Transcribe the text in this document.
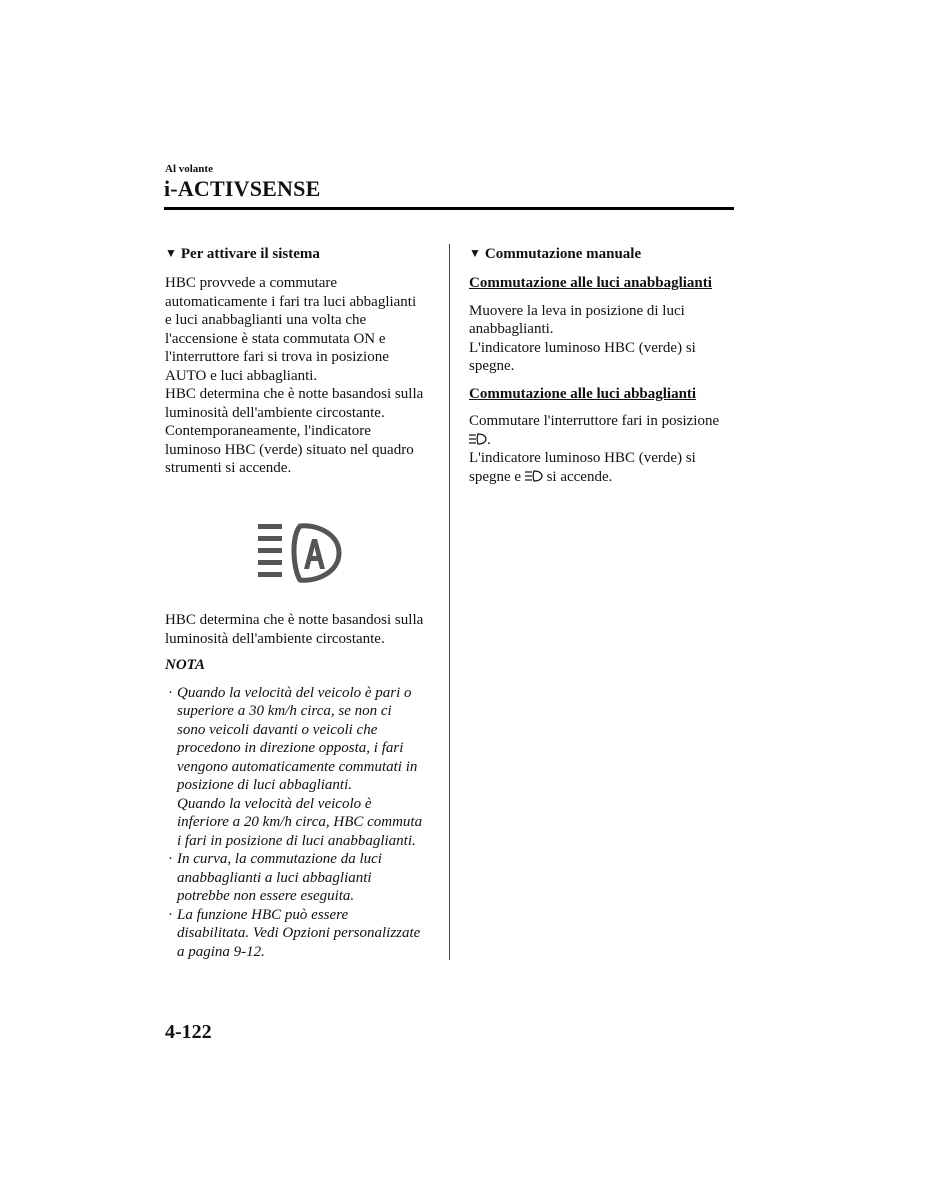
Al volante
i-ACTIVSENSE
▼ Per attivare il sistema

HBC provvede a commutare
automaticamente i fari tra luci abbaglianti
e luci anabbaglianti una volta che
l'accensione è stata commutata ON e
l'interruttore fari si trova in posizione
AUTO e luci abbaglianti.
HBC determina che è notte basandosi sulla
luminosità dell'ambiente circostante.
Contemporaneamente, l'indicatore
luminoso HBC (verde) situato nel quadro
strumenti si accende.

HBC determina che è notte basandosi sulla
luminosità dell'ambiente circostante.

NOTA
· Quando la velocità del veicolo è pari o
superiore a 30 km/h circa, se non ci
sono veicoli davanti o veicoli che
procedono in direzione opposta, i fari
vengono automaticamente commutati in
posizione di luci abbaglianti.
Quando la velocità del veicolo è
inferiore a 20 km/h circa, HBC commuta
i fari in posizione di luci anabbaglianti.
· In curva, la commutazione da luci
anabbaglianti a luci abbaglianti
potrebbe non essere eseguita.
· La funzione HBC può essere
disabilitata. Vedi Opzioni personalizzate
a pagina 9-12.
▼ Commutazione manuale
Commutazione alle luci anabbaglianti

Muovere la leva in posizione di luci
anabbaglianti.
L'indicatore luminoso HBC (verde) si
spegne.

Commutazione alle luci abbaglianti

Commutare l'interruttore fari in posizione
.
L'indicatore luminoso HBC (verde) si
spegne e  si accende.

4-122
